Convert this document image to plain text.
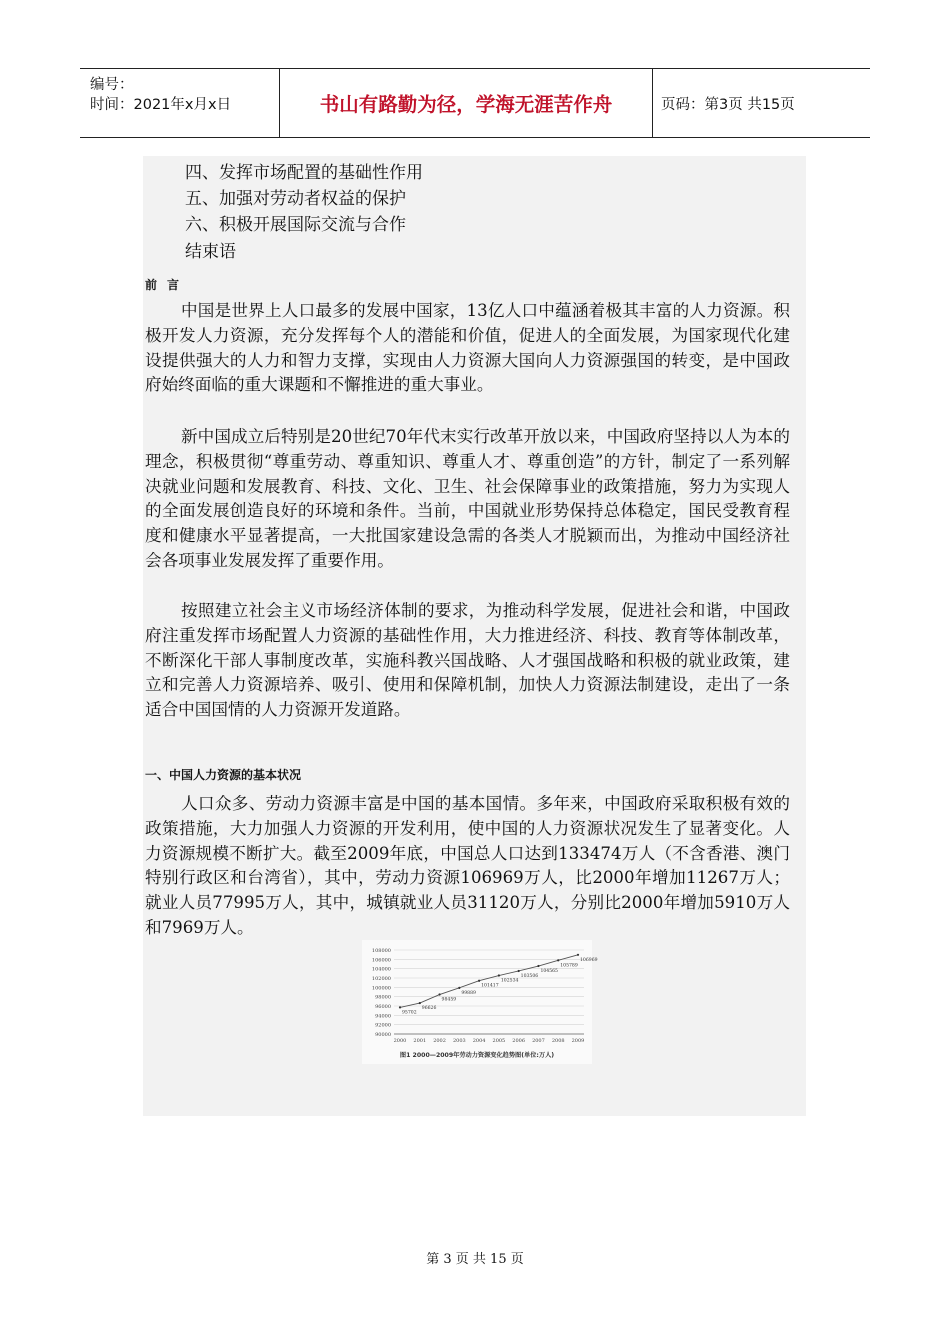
编号：
时间：2021年x月x日	书山有路勤为径，学海无涯苦作舟	页码：第3页 共15页
四、发挥市场配置的基础性作用
五、加强对劳动者权益的保护
六、积极开展国际交流与合作
结束语
前言
中国是世界上人口最多的发展中国家，13亿人口中蕴涵着极其丰富的人力资源。积极开发人力资源，充分发挥每个人的潜能和价值，促进人的全面发展，为国家现代化建设提供强大的人力和智力支撑，实现由人力资源大国向人力资源强国的转变，是中国政府始终面临的重大课题和不懈推进的重大事业。
新中国成立后特别是20世纪70年代末实行改革开放以来，中国政府坚持以人为本的理念，积极贯彻“尊重劳动、尊重知识、尊重人才、尊重创造”的方针，制定了一系列解决就业问题和发展教育、科技、文化、卫生、社会保障事业的政策措施，努力为实现人的全面发展创造良好的环境和条件。当前，中国就业形势保持总体稳定，国民受教育程度和健康水平显著提高，一大批国家建设急需的各类人才脱颖而出，为推动中国经济社会各项事业发展发挥了重要作用。
按照建立社会主义市场经济体制的要求，为推动科学发展，促进社会和谐，中国政府注重发挥市场配置人力资源的基础性作用，大力推进经济、科技、教育等体制改革，不断深化干部人事制度改革，实施科教兴国战略、人才强国战略和积极的就业政策，建立和完善人力资源培养、吸引、使用和保障机制，加快人力资源法制建设，走出了一条适合中国国情的人力资源开发道路。
一、中国人力资源的基本状况
人口众多、劳动力资源丰富是中国的基本国情。多年来，中国政府采取积极有效的政策措施，大力加强人力资源的开发利用，使中国的人力资源状况发生了显著变化。人力资源规模不断扩大。截至2009年底，中国总人口达到133474万人（不含香港、澳门特别行政区和台湾省），其中，劳动力资源106969万人，比2000年增加11267万人；就业人员77995万人，其中，城镇就业人员31120万人，分别比2000年增加5910万人和7969万人。
90000
92000
94000
96000
98000
100000
102000
104000
106000
108000
2000 2001 2002 2003 2004 2005 2006 2007 2008 2009
95702
96626
98459
99889
101417
102534
103506
104565
105789
106969
图1 2000—2009年劳动力资源变化趋势图(单位:万人)
第 3 页 共 15 页
